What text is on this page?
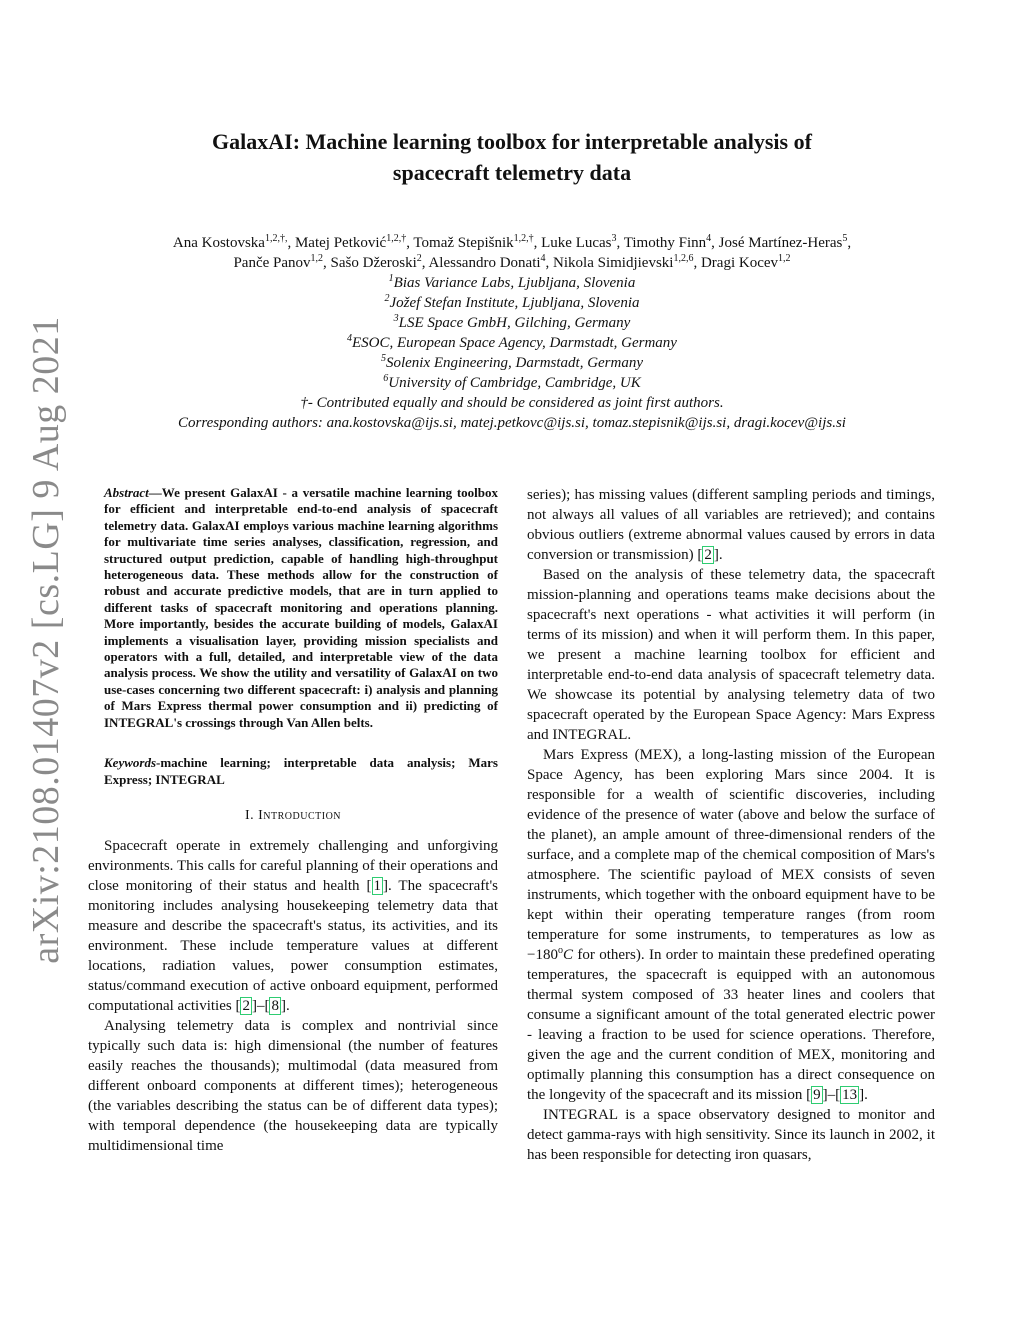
arXiv:2108.01407v2 [cs.LG] 9 Aug 2021
GalaxAI: Machine learning toolbox for interpretable analysis of
spacecraft telemetry data

Ana Kostovska$^{1,2,\dagger,}$, Matej Petković$^{1,2,\dagger}$, Tomaž Stepišnik$^{1,2,\dagger}$, Luke Lucas$^3$, Timothy Finn$^4$, José Martínez-Heras$^5$,

Panče Panov$^{1,2}$, Sašo Džeroski$^2$, Alessandro Donati$^4$, Nikola Simidjievski$^{1,2,6}$, Dragi Kocev$^{1,2}$

$^1$Bias Variance Labs, Ljubljana, Slovenia

$^2$Jožef Stefan Institute, Ljubljana, Slovenia

$^3$LSE Space GmbH, Gilching, Germany

$^4$ESOC, European Space Agency, Darmstadt, Germany

$^5$Solenix Engineering, Darmstadt, Germany

$^6$University of Cambridge, Cambridge, UK

†- Contributed equally and should be considered as joint first authors.

Corresponding authors: ana.kostovska@ijs.si, matej.petkovc@ijs.si, tomaz.stepisnik@ijs.si, dragi.kocev@ijs.si

Abstract—We present GalaxAI - a versatile machine learning toolbox for efficient and interpretable end-to-end analysis of spacecraft telemetry data. GalaxAI employs various machine learning algorithms for multivariate time series analyses, classification, regression, and structured output prediction, capable of handling high-throughput heterogeneous data. These methods allow for the construction of robust and accurate predictive models, that are in turn applied to different tasks of spacecraft monitoring and operations planning. More importantly, besides the accurate building of models, GalaxAI implements a visualisation layer, providing mission specialists and operators with a full, detailed, and interpretable view of the data analysis process. We show the utility and versatility of GalaxAI on two use-cases concerning two different spacecraft: i) analysis and planning of Mars Express thermal power consumption and ii) predicting of INTEGRAL's crossings through Van Allen belts.

Keywords-machine learning; interpretable data analysis; Mars Express; INTEGRAL

I. Introduction

Spacecraft operate in extremely challenging and unforgiving environments. This calls for careful planning of their operations and close monitoring of their status and health [ 1 ]. The spacecraft's monitoring includes analysing housekeeping telemetry data that measure and describe the spacecraft's status, its activities, and its environment. These include temperature values at different locations, radiation values, power consumption estimates, status/command execution of active onboard equipment, performed computational activities [ 2 ]–[ 8 ].

Analysing telemetry data is complex and nontrivial since typically such data is: high dimensional (the number of features easily reaches the thousands); multimodal (data measured from different onboard components at different times); heterogeneous (the variables describing the status can be of different data types); with temporal dependence (the housekeeping data are typically multidimensional time

series); has missing values (different sampling periods and timings, not always all values of all variables are retrieved); and contains obvious outliers (extreme abnormal values caused by errors in data conversion or transmission) [ 2 ].

Based on the analysis of these telemetry data, the spacecraft mission-planning and operations teams make decisions about the spacecraft's next operations - what activities it will perform (in terms of its mission) and when it will perform them. In this paper, we present a machine learning toolbox for efficient and interpretable end-to-end data analysis of spacecraft telemetry data. We showcase its potential by analysing telemetry data of two spacecraft operated by the European Space Agency: Mars Express and INTEGRAL.

Mars Express (MEX), a long-lasting mission of the European Space Agency, has been exploring Mars since 2004. It is responsible for a wealth of scientific discoveries, including evidence of the presence of water (above and below the surface of the planet), an ample amount of three-dimensional renders of the surface, and a complete map of the chemical composition of Mars's atmosphere. The scientific payload of MEX consists of seven instruments, which together with the onboard equipment have to be kept within their operating temperature ranges (from room temperature for some instruments, to temperatures as low as $-180^oC$ for others). In order to maintain these predefined operating temperatures, the spacecraft is equipped with an autonomous thermal system composed of 33 heater lines and coolers that consume a significant amount of the total generated electric power - leaving a fraction to be used for science operations. Therefore, given the age and the current condition of MEX, monitoring and optimally planning this consumption has a direct consequence on the longevity of the spacecraft and its mission [ 9 ]–[ 13 ].

INTEGRAL is a space observatory designed to monitor and detect gamma-rays with high sensitivity. Since its launch in 2002, it has been responsible for detecting iron quasars,
